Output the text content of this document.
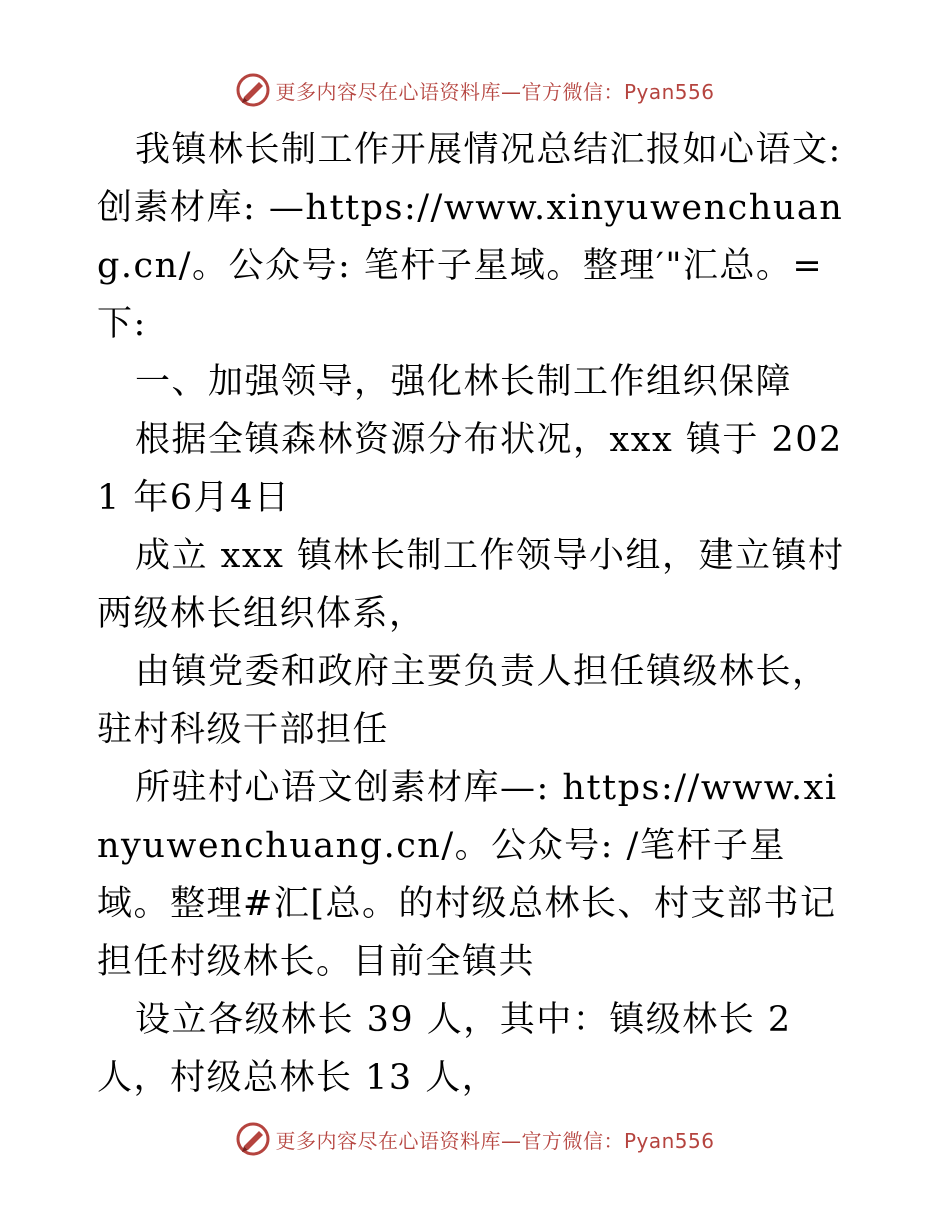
更多内容尽在心语资料库—官方微信：Pyan556

我镇林长制工作开展情况总结汇报如心语文:创素材库: —https://www.xinyuwenchuang.cn/。公众号: 笔杆子星域。整理′"汇总。=下:

一、加强领导，强化林长制工作组织保障

根据全镇森林资源分布状况，xxx 镇于 2021 年6月4日

成立 xxx 镇林长制工作领导小组，建立镇村两级林长组织体系，

由镇党委和政府主要负责人担任镇级林长，驻村科级干部担任

所驻村心语文创素材库—: https://www.xinyuwenchuang.cn/。公众号: /笔杆子星域。整理#汇[总。的村级总林长、村支部书记担任村级林长。目前全镇共

设立各级林长 39 人，其中：镇级林长 2 人，村级总林长 13 人，

更多内容尽在心语资料库—官方微信：Pyan556
